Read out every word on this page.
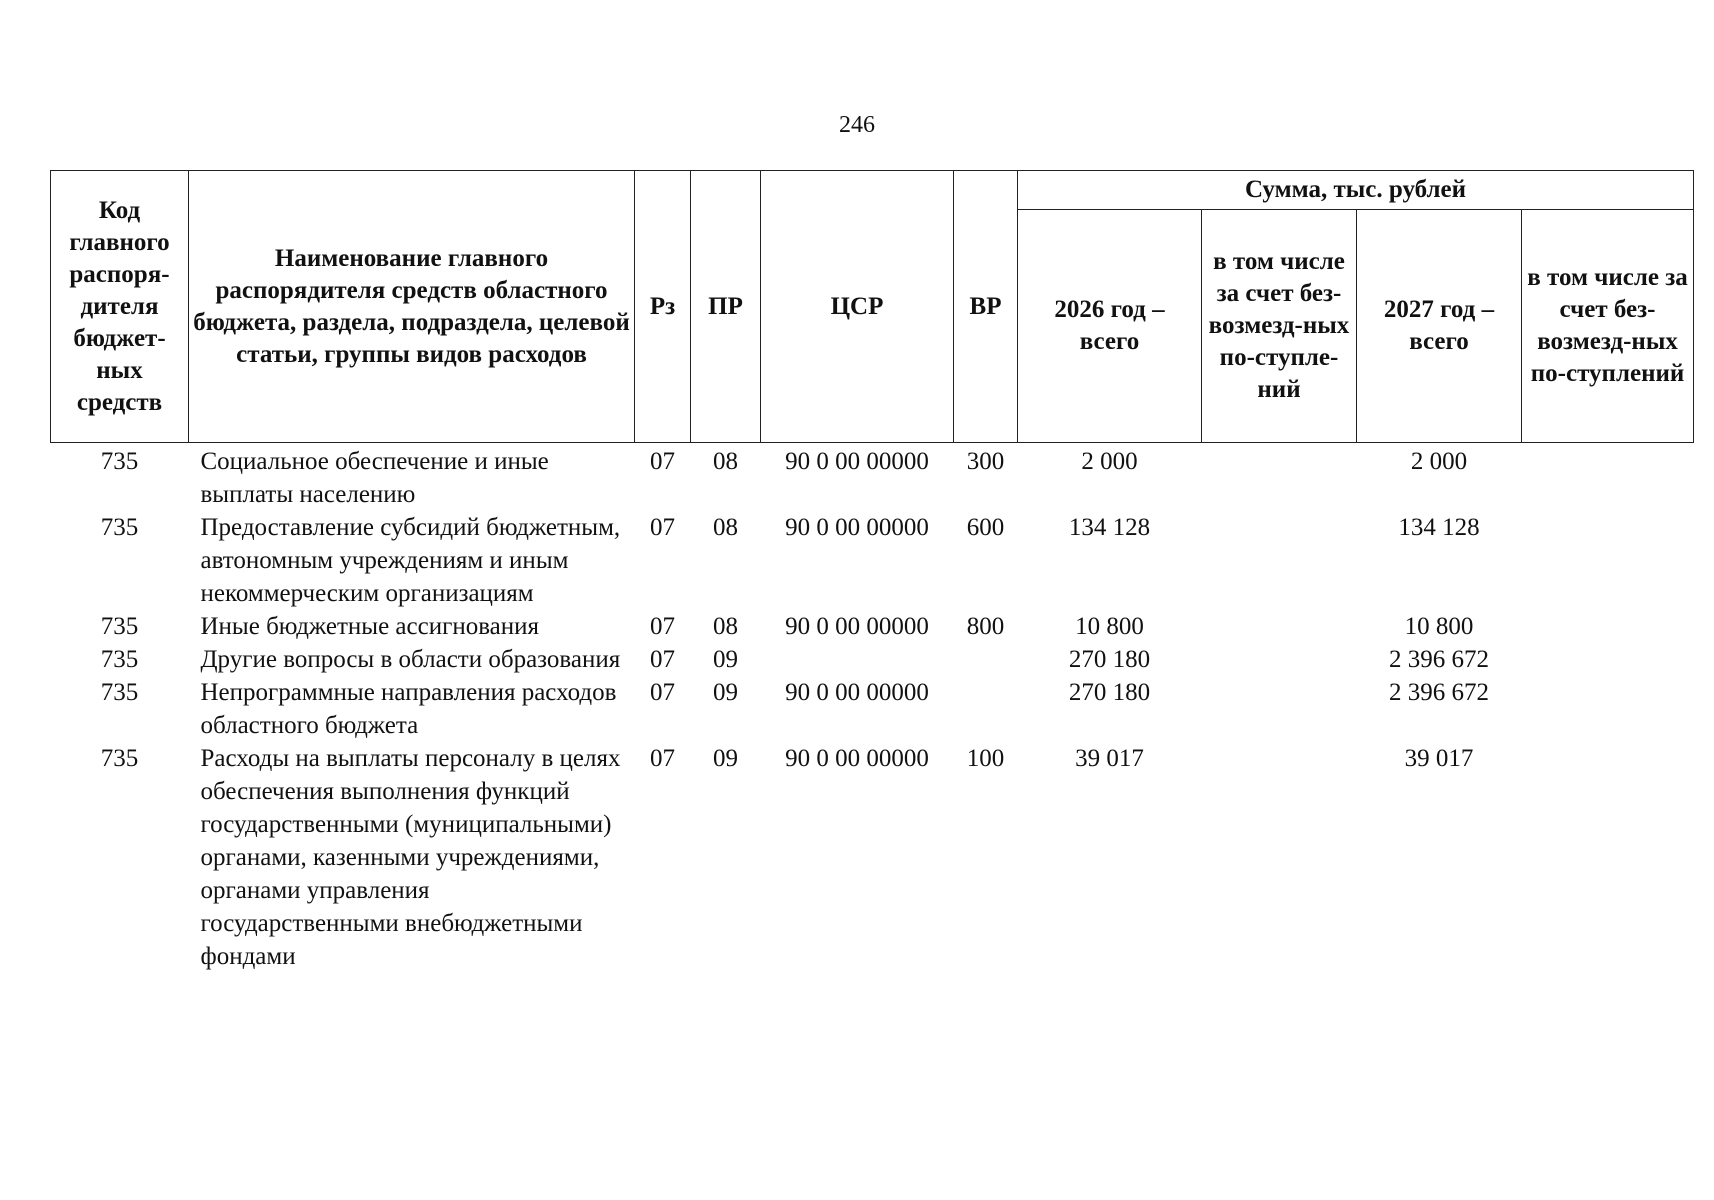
246
Код главного распоря-дителя бюджет-ных средств	Наименование главного распорядителя средств областного бюджета, раздела, подраздела, целевой статьи, группы видов расходов	Рз	ПР	ЦСР	ВР	Сумма, тыс. рублей			
						2026 год – всего	в том числе за счет без-возмезд-ных по-ступле-ний	2027 год – всего	в том числе за счет без-возмезд-ных по-ступлений
735	Социальное обеспечение и иные выплаты населению	07	08	90 0 00 00000	300	2 000		2 000	
735	Предоставление субсидий бюджетным, автономным учреждениям и иным некоммерческим организациям	07	08	90 0 00 00000	600	134 128		134 128	
735	Иные бюджетные ассигнования	07	08	90 0 00 00000	800	10 800		10 800	
735	Другие вопросы в области образования	07	09			270 180		2 396 672	
735	Непрограммные направления расходов областного бюджета	07	09	90 0 00 00000		270 180		2 396 672	
735	Расходы на выплаты персоналу в целях обеспечения выполнения функций государственными (муниципальными) органами, казенными учреждениями, органами управления государственными внебюджетными фондами	07	09	90 0 00 00000	100	39 017		39 017	
